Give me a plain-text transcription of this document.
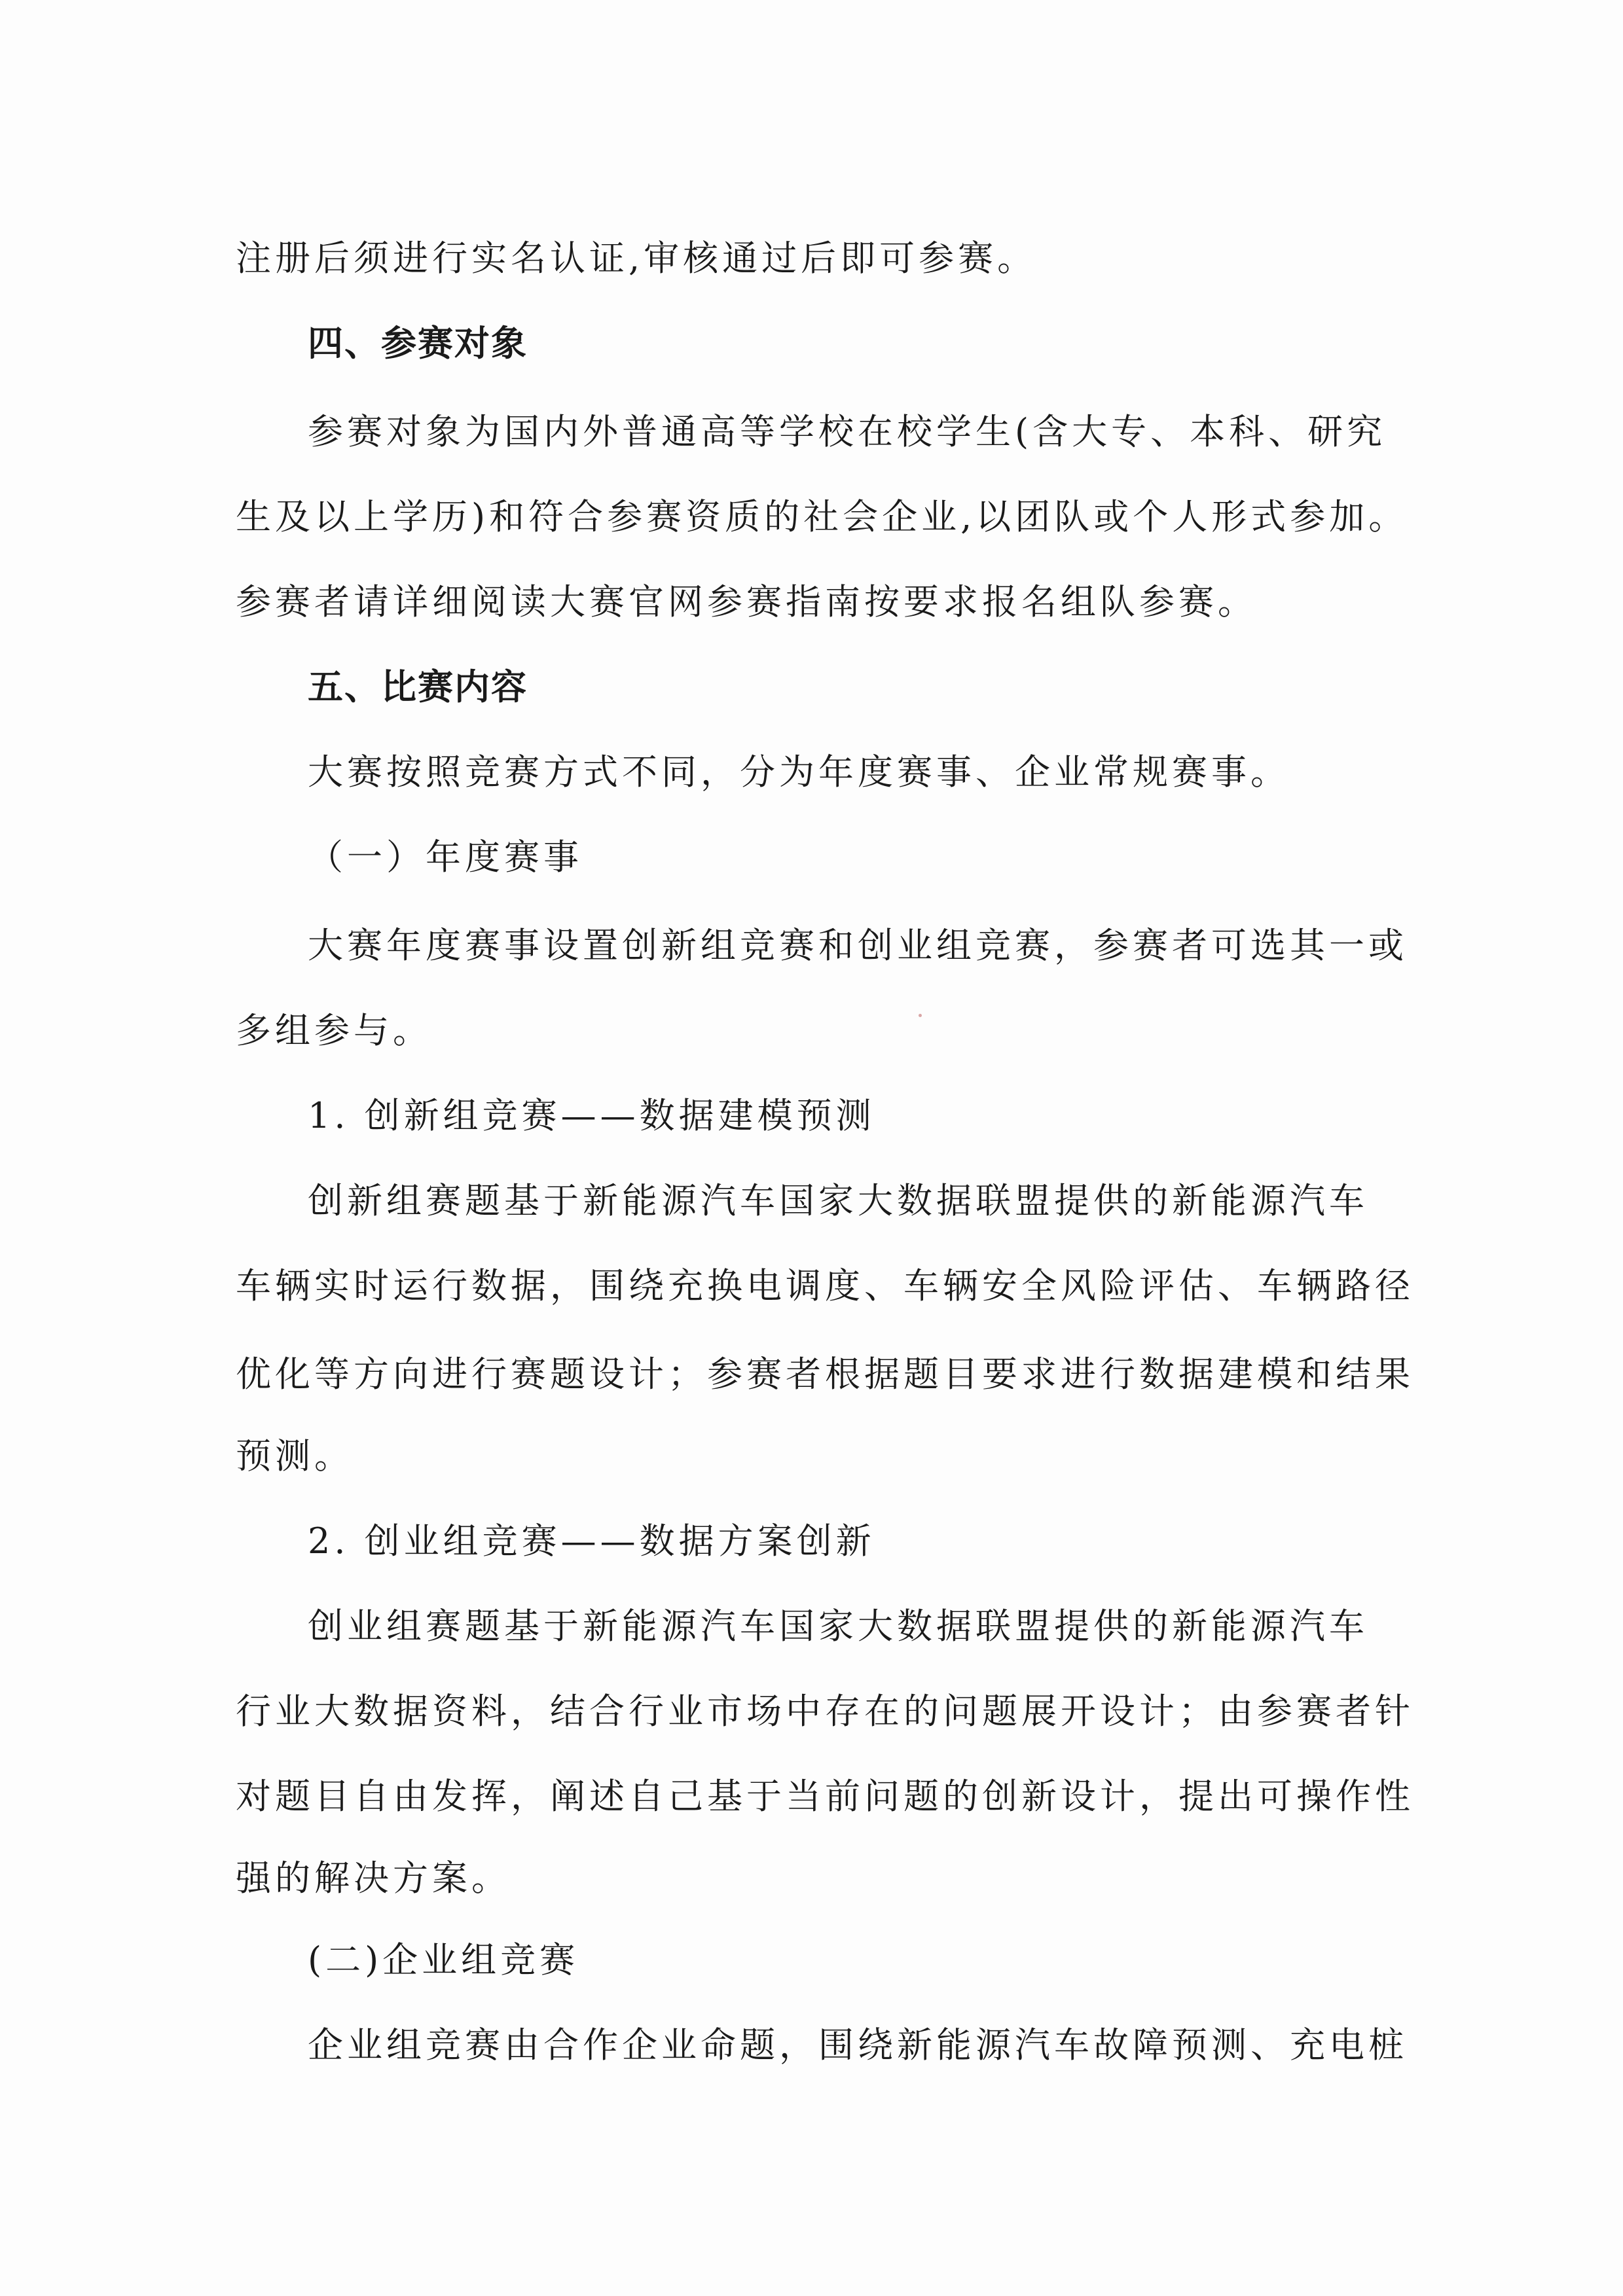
注册后须进行实名认证,审核通过后即可参赛。
四、参赛对象
参赛对象为国内外普通高等学校在校学生(含大专、本科、研究
生及以上学历)和符合参赛资质的社会企业,以团队或个人形式参加。
参赛者请详细阅读大赛官网参赛指南按要求报名组队参赛。
五、比赛内容
大赛按照竞赛方式不同，分为年度赛事、企业常规赛事。
（一）年度赛事
大赛年度赛事设置创新组竞赛和创业组竞赛，参赛者可选其一或
多组参与。
1. 创新组竞赛——数据建模预测
创新组赛题基于新能源汽车国家大数据联盟提供的新能源汽车
车辆实时运行数据，围绕充换电调度、车辆安全风险评估、车辆路径
优化等方向进行赛题设计；参赛者根据题目要求进行数据建模和结果
预测。
2. 创业组竞赛——数据方案创新
创业组赛题基于新能源汽车国家大数据联盟提供的新能源汽车
行业大数据资料，结合行业市场中存在的问题展开设计；由参赛者针
对题目自由发挥，阐述自己基于当前问题的创新设计，提出可操作性
强的解决方案。
(二)企业组竞赛
企业组竞赛由合作企业命题，围绕新能源汽车故障预测、充电桩
